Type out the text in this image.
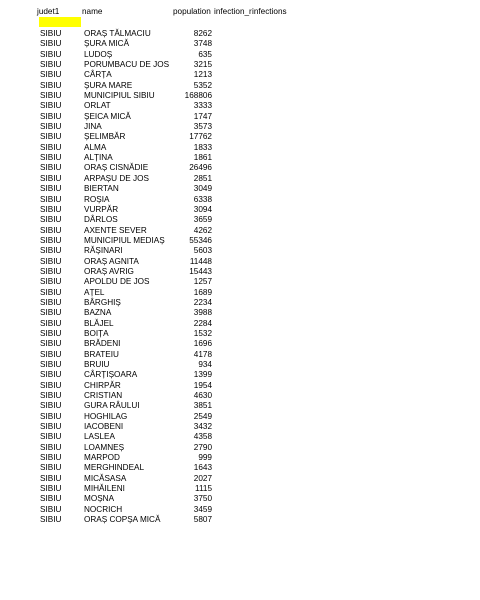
judet1	name	population infection_r infections
SIBIU	ORAȘ TĂLMACIU	8262
SIBIU	ȘURA MICĂ	3748
SIBIU	LUDOȘ	635
SIBIU	PORUMBACU DE JOS	3215
SIBIU	CÂRȚA	1213
SIBIU	ȘURA MARE	5352
SIBIU	MUNICIPIUL SIBIU	168806
SIBIU	ORLAT	3333
SIBIU	ȘEICA MICĂ	1747
SIBIU	JINA	3573
SIBIU	ȘELIMBĂR	17762
SIBIU	ALMA	1833
SIBIU	ALȚINA	1861
SIBIU	ORAȘ CISNĂDIE	26496
SIBIU	ARPAȘU DE JOS	2851
SIBIU	BIERTAN	3049
SIBIU	ROȘIA	6338
SIBIU	VURPĂR	3094
SIBIU	DÂRLOS	3659
SIBIU	AXENTE SEVER	4262
SIBIU	MUNICIPIUL MEDIAȘ	55346
SIBIU	RĂȘINARI	5603
SIBIU	ORAȘ AGNITA	11448
SIBIU	ORAȘ AVRIG	15443
SIBIU	APOLDU DE JOS	1257
SIBIU	AȚEL	1689
SIBIU	BÂRGHIȘ	2234
SIBIU	BAZNA	3988
SIBIU	BLĂJEL	2284
SIBIU	BOIȚA	1532
SIBIU	BRĂDENI	1696
SIBIU	BRATEIU	4178
SIBIU	BRUIU	934
SIBIU	CÂRȚIȘOARA	1399
SIBIU	CHIRPĂR	1954
SIBIU	CRISTIAN	4630
SIBIU	GURA RÂULUI	3851
SIBIU	HOGHILAG	2549
SIBIU	IACOBENI	3432
SIBIU	LASLEA	4358
SIBIU	LOAMNEȘ	2790
SIBIU	MARPOD	999
SIBIU	MERGHINDEAL	1643
SIBIU	MICĂSASA	2027
SIBIU	MIHĂILENI	1115
SIBIU	MOȘNA	3750
SIBIU	NOCRICH	3459
SIBIU	ORAȘ COPȘA MICĂ	5807
